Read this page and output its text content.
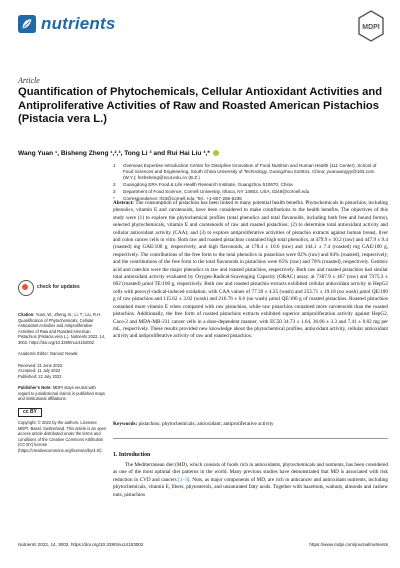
nutrients	MDPI
Article
Quantification of Phytochemicals, Cellular Antioxidant Activities and Antiproliferative Activities of Raw and Roasted American Pistachios (Pistacia vera L.)
Wang Yuan ¹, Bisheng Zheng ¹,²,³, Tong Li ³ and Rui Hai Liu ³,*
1	Overseas Expertise Introduction Center for Discipline Innovation of Food Nutrition and Human Health (111 Center), School of Food Sciences and Engineering, South China University of Technology, Guangzhou 510641, China; yuanwangyy@163.com (W.Y.); fezbsheng@scut.edu.cn (B.Z.)
2	Guangdong ERA Food & Life Health Research Institute, Guangzhou 510670, China
3	Department of Food Science, Cornell University, Ithaca, NY 14853, USA; tl248@cornell.edu
*	Correspondence: rl23@cornell.edu; Tel.: +1-607-255-6235
Abstract: The consumption of pistachios has been linked to many potential health benefits. Phytochemicals in pistachios, including phenolics, vitamin E and carotenoids, have been considered to make contributions to the health benefits. The objectives of this study were (1) to explore the phytochemical profiles (total phenolics and total flavonoids, including both free and bound forms), selected phytochemicals, vitamin E and carotenoids of raw and roasted pistachios; (2) to determine total antioxidant activity and cellular antioxidant activity (CAA); and (3) to explore antiproliferative activities of pistachio extracts against human breast, liver and colon cancer cells in vitro. Both raw and roasted pistachios contained high total phenolics, at 479.9 ± 10.2 (raw) and 447.9 ± 9.4 (roasted) mg GAE/100 g, respectively, and high flavonoids, at 178.4 ± 10.6 (raw) and 144.1 ± 7.4 (roasted) mg GAE/100 g, respectively. The contributions of the free form to the total phenolics in pistachios were 82% (raw) and 84% (roasted), respectively, and the contributions of the free form to the total flavonoids in pistachios were 65% (raw) and 70% (roasted), respectively. Gentisic acid and catechin were the major phenolics in raw and roasted pistachios, respectively. Both raw and roasted pistachios had similar total antioxidant activity evaluated by Oxygen-Radical-Scavenging Capacity (ORAC) assay, at 7387.9 ± 467 (raw) and 7375.3 ± 602 (roasted) µmol TE/100 g, respectively. Both raw and roasted pistachio extracts exhibited cellular antioxidant activity in HepG2 cells with peroxyl-radical-induced oxidation, with CAA values of 77.39 ± 4.25 (wash) and 253.71 ± 19.18 (no wash) µmol QE/100 g of raw pistachios and 115.62 ± 3.02 (wash) and 216.76 ± 6.6 (no wash) µmol QE/100 g of roasted pistachios. Roasted pistachios contained more vitamin E when compared with raw pistachios, while raw pistachios contained more carotenoids than the roasted pistachios. Additionally, the free form of roasted pistachios extracts exhibited superior antiproliferation activity against HepG2, Caco-2 and MDA-MB-231 cancer cells in a dose-dependent manner, with EC50 34.73 ± 1.64, 36.66 ± 3.3 and 7.41 ± 0.82 mg per mL, respectively. These results provided new knowledge about the phytochemical profiles, antioxidant activity, cellular antioxidant activity and antiproliferative activity of raw and roasted pistachios.
check for updates
Citation: Yuan, W.; Zheng, B.; Li, T.; Liu, R.H. Quantification of Phytochemicals, Cellular Antioxidant Activities and Antiproliferative Activities of Raw and Roasted American Pistachios (Pistacia vera L.). Nutrients 2022, 14, 3002. https://doi.org/10.3390/nu14153002
Academic Editor: Dariusz Nowak
Received: 21 June 2022
Accepted: 11 July 2022
Published: 22 July 2022
Publisher’s Note: MDPI stays neutral with regard to jurisdictional claims in published maps and institutional affiliations.
cc BY
Copyright: © 2022 by the authors. Licensee MDPI, Basel, Switzerland. This article is an open access article distributed under the terms and conditions of the Creative Commons Attribution (CC BY) license (https://creativecommons.org/licenses/by/4.0/).
Keywords: pistachios; phytochemicals; antioxidant; antiproliferative activity
1. Introduction

The Mediterranean diet (MD), which consists of foods rich in antioxidants, phytochemicals and nutrients, has been considered as one of the most optimal diet patterns in the world. Many previous studies have demonstrated that MD is associated with risk reduction in CVD and cancers [1–3]. Nuts, as major components of MD, are rich in anticancer and antioxidant nutrients, including phytochemicals, vitamin E, fibers, phytosterols, and unsaturated fatty acids. Together with hazelnuts, walnuts, almonds and cashew nuts, pistachios

Nutrients 2022, 14, 3002. https://doi.org/10.3390/nu14153002	https://www.mdpi.com/journal/nutrients
